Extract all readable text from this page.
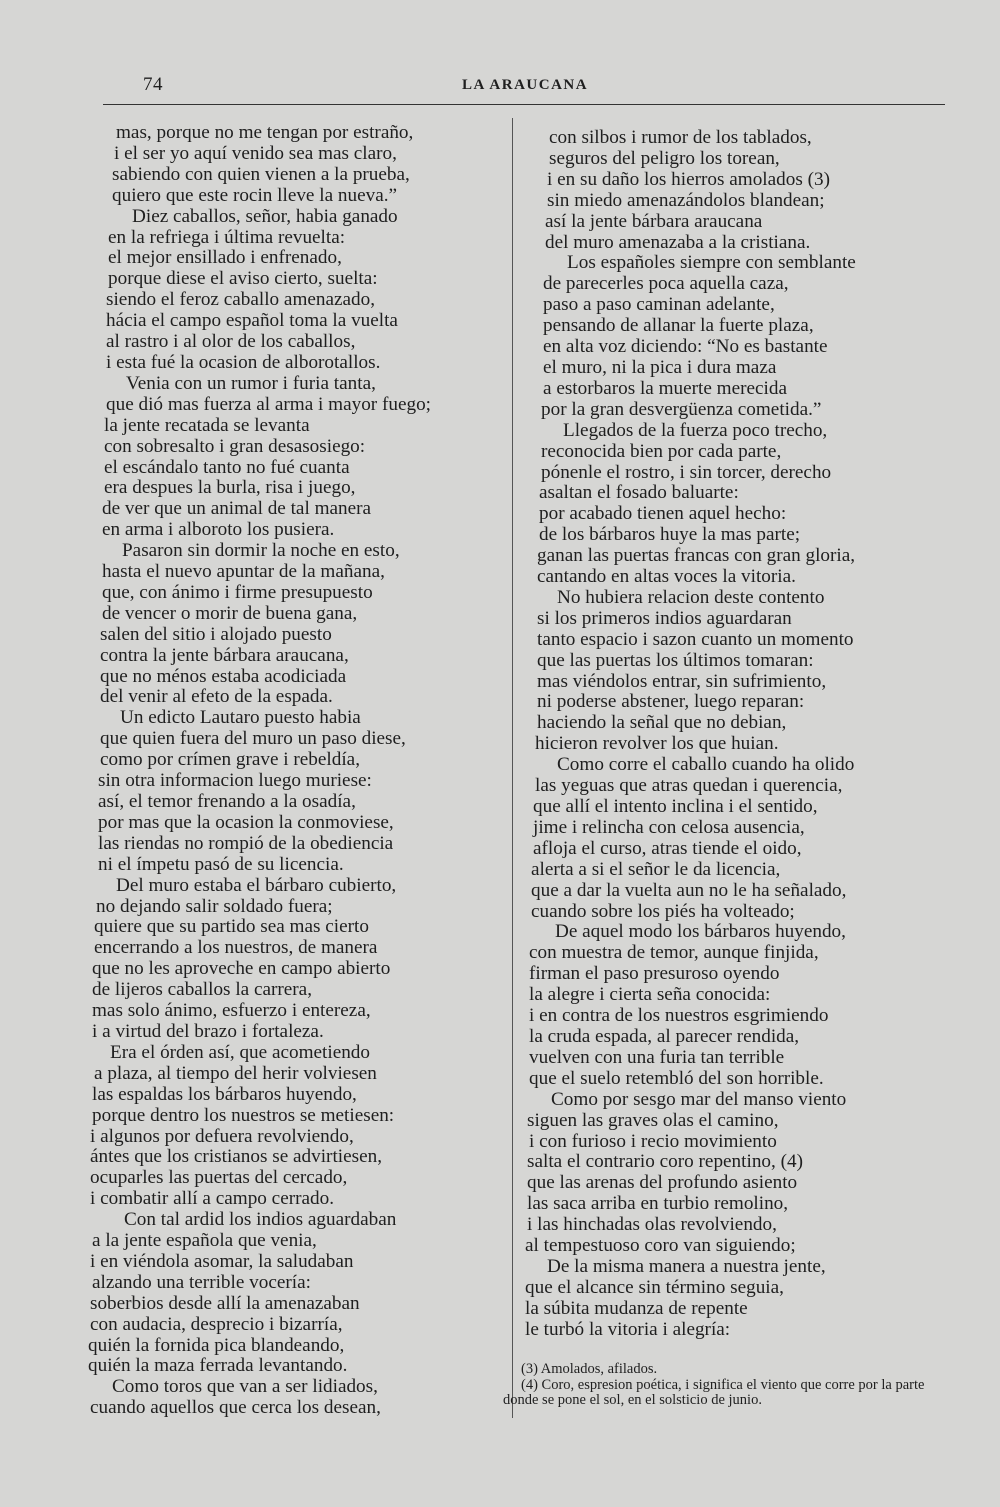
74	LA ARAUCANA
mas, porque no me tengan por estraño,
i el ser yo aquí venido sea mas claro,
sabiendo con quien vienen a la prueba,
quiero que este rocin lleve la nueva.”
Diez caballos, señor, habia ganado
en la refriega i última revuelta:
el mejor ensillado i enfrenado,
porque diese el aviso cierto, suelta:
siendo el feroz caballo amenazado,
hácia el campo español toma la vuelta
al rastro i al olor de los caballos,
i esta fué la ocasion de alborotallos.
Venia con un rumor i furia tanta,
que dió mas fuerza al arma i mayor fuego;
la jente recatada se levanta
con sobresalto i gran desasosiego:
el escándalo tanto no fué cuanta
era despues la burla, risa i juego,
de ver que un animal de tal manera
en arma i alboroto los pusiera.
Pasaron sin dormir la noche en esto,
hasta el nuevo apuntar de la mañana,
que, con ánimo i firme presupuesto
de vencer o morir de buena gana,
salen del sitio i alojado puesto
contra la jente bárbara araucana,
que no ménos estaba acodiciada
del venir al efeto de la espada.
Un edicto Lautaro puesto habia
que quien fuera del muro un paso diese,
como por crímen grave i rebeldía,
sin otra informacion luego muriese:
así, el temor frenando a la osadía,
por mas que la ocasion la conmoviese,
las riendas no rompió de la obediencia
ni el ímpetu pasó de su licencia.
Del muro estaba el bárbaro cubierto,
no dejando salir soldado fuera;
quiere que su partido sea mas cierto
encerrando a los nuestros, de manera
que no les aproveche en campo abierto
de lijeros caballos la carrera,
mas solo ánimo, esfuerzo i entereza,
i a virtud del brazo i fortaleza.
Era el órden así, que acometiendo
a plaza, al tiempo del herir volviesen
las espaldas los bárbaros huyendo,
porque dentro los nuestros se metiesen:
i algunos por defuera revolviendo,
ántes que los cristianos se advirtiesen,
ocuparles las puertas del cercado,
i combatir allí a campo cerrado.
Con tal ardid los indios aguardaban
a la jente española que venia,
i en viéndola asomar, la saludaban
alzando una terrible vocería:
soberbios desde allí la amenazaban
con audacia, desprecio i bizarría,
quién la fornida pica blandeando,
quién la maza ferrada levantando.
Como toros que van a ser lidiados,
cuando aquellos que cerca los desean,
con silbos i rumor de los tablados,
seguros del peligro los torean,
i en su daño los hierros amolados (3)
sin miedo amenazándolos blandean;
así la jente bárbara araucana
del muro amenazaba a la cristiana.
Los españoles siempre con semblante
de parecerles poca aquella caza,
paso a paso caminan adelante,
pensando de allanar la fuerte plaza,
en alta voz diciendo: “No es bastante
el muro, ni la pica i dura maza
a estorbaros la muerte merecida
por la gran desvergüenza cometida.”
Llegados de la fuerza poco trecho,
reconocida bien por cada parte,
pónenle el rostro, i sin torcer, derecho
asaltan el fosado baluarte:
por acabado tienen aquel hecho:
de los bárbaros huye la mas parte;
ganan las puertas francas con gran gloria,
cantando en altas voces la vitoria.
No hubiera relacion deste contento
si los primeros indios aguardaran
tanto espacio i sazon cuanto un momento
que las puertas los últimos tomaran:
mas viéndolos entrar, sin sufrimiento,
ni poderse abstener, luego reparan:
haciendo la señal que no debian,
hicieron revolver los que huian.
Como corre el caballo cuando ha olido
las yeguas que atras quedan i querencia,
que allí el intento inclina i el sentido,
jime i relincha con celosa ausencia,
afloja el curso, atras tiende el oido,
alerta a si el señor le da licencia,
que a dar la vuelta aun no le ha señalado,
cuando sobre los piés ha volteado;
De aquel modo los bárbaros huyendo,
con muestra de temor, aunque finjida,
firman el paso presuroso oyendo
la alegre i cierta seña conocida:
i en contra de los nuestros esgrimiendo
la cruda espada, al parecer rendida,
vuelven con una furia tan terrible
que el suelo retembló del son horrible.
Como por sesgo mar del manso viento
siguen las graves olas el camino,
i con furioso i recio movimiento
salta el contrario coro repentino, (4)
que las arenas del profundo asiento
las saca arriba en turbio remolino,
i las hinchadas olas revolviendo,
al tempestuoso coro van siguiendo;
De la misma manera a nuestra jente,
que el alcance sin término seguia,
la súbita mudanza de repente
le turbó la vitoria i alegría:
(3) Amolados, afilados.
(4) Coro, espresion poética, i significa el viento que corre por la parte donde se pone el sol, en el solsticio de junio.
